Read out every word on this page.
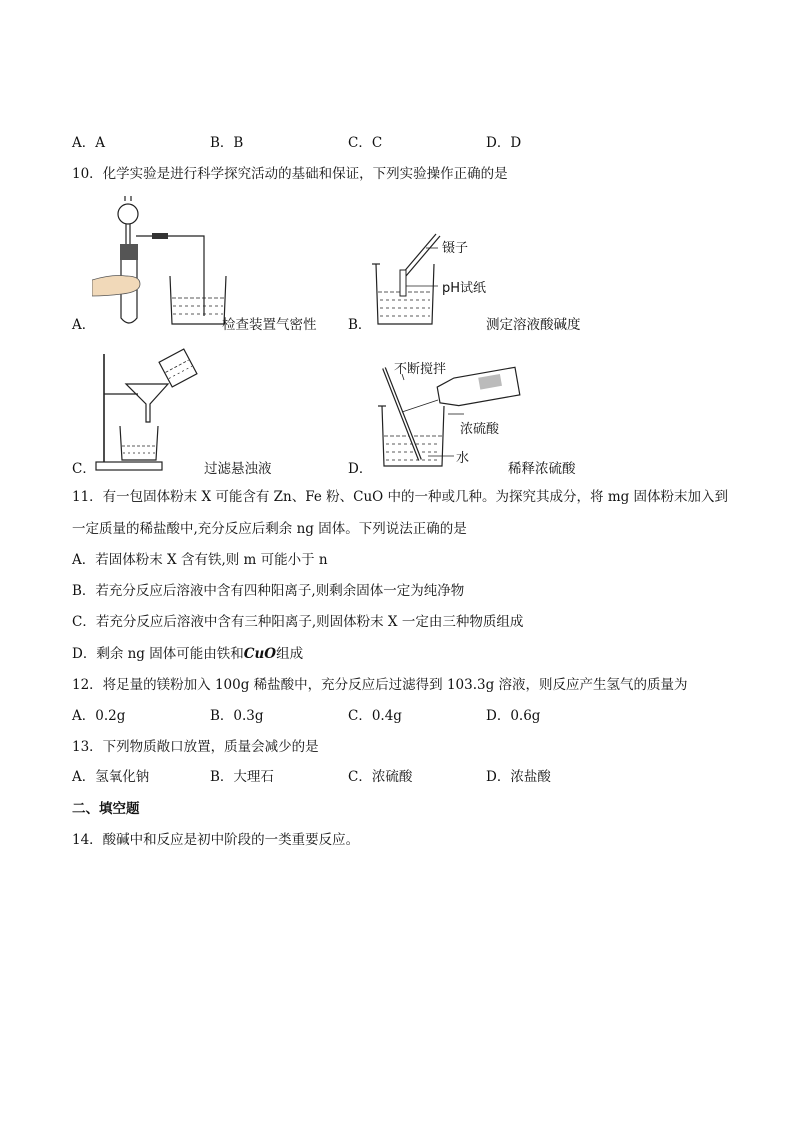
A．A	B．B	C．C	D．D
10．化学实验是进行科学探究活动的基础和保证，下列实验操作正确的是
A．	检查装置气密性 B．
镊子
pH试纸
测定溶液酸碱度
C．	过滤悬浊液	D．
不断搅拌
浓硫酸
水
稀释浓硫酸
11．有一包固体粉末 X 可能含有 Zn、Fe 粉、CuO 中的一种或几种。为探究其成分，将 mg 固体粉末加入到
一定质量的稀盐酸中,充分反应后剩余 ng 固体。下列说法正确的是
A．若固体粉末 X 含有铁,则 m 可能小于 n
B．若充分反应后溶液中含有四种阳离子,则剩余固体一定为纯净物
C．若充分反应后溶液中含有三种阳离子,则固体粉末 X 一定由三种物质组成
D．剩余 ng 固体可能由铁和CuO组成
12．将足量的镁粉加入 100g 稀盐酸中，充分反应后过滤得到 103.3g 溶液，则反应产生氢气的质量为
A．0.2g	B．0.3g	C．0.4g	D．0.6g
13．下列物质敞口放置，质量会减少的是
A．氢氧化钠	B．大理石	C．浓硫酸	D．浓盐酸
二、填空题
14．酸碱中和反应是初中阶段的一类重要反应。
